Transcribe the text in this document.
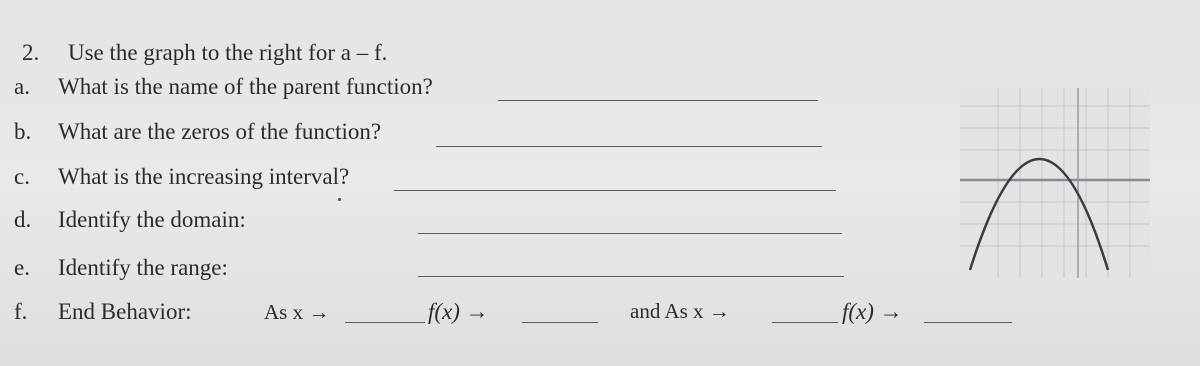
2. Use the graph to the right for a – f.
a. What is the name of the parent function?
b. What are the zeros of the function?
c. What is the increasing interval?
d. Identify the domain:
e. Identify the range:
f. End Behavior:	As x →	f(x) →	and As x →	f(x) →
